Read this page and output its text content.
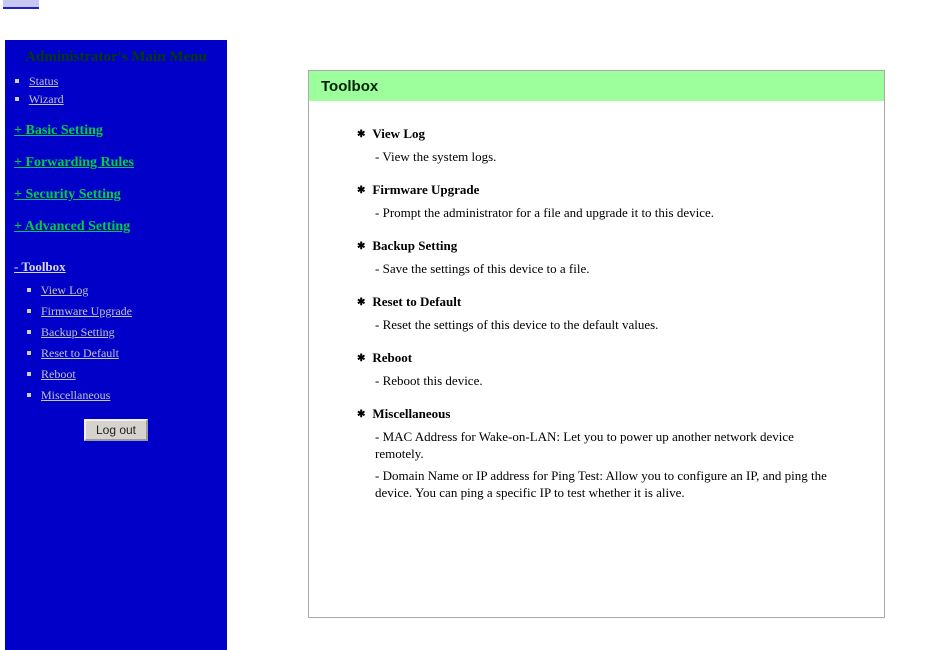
Administrator's Main Menu
Status
Wizard
+ Basic Setting
+ Forwarding Rules
+ Security Setting
+ Advanced Setting
- Toolbox
View Log
Firmware Upgrade
Backup Setting
Reset to Default
Reboot
Miscellaneous
Log out
Toolbox
✱ View Log
- View the system logs.
✱ Firmware Upgrade
- Prompt the administrator for a file and upgrade it to this device.
✱ Backup Setting
- Save the settings of this device to a file.
✱ Reset to Default
- Reset the settings of this device to the default values.
✱ Reboot
- Reboot this device.
✱ Miscellaneous
- MAC Address for Wake-on-LAN: Let you to power up another network device remotely.
- Domain Name or IP address for Ping Test: Allow you to configure an IP, and ping the device. You can ping a specific IP to test whether it is alive.
